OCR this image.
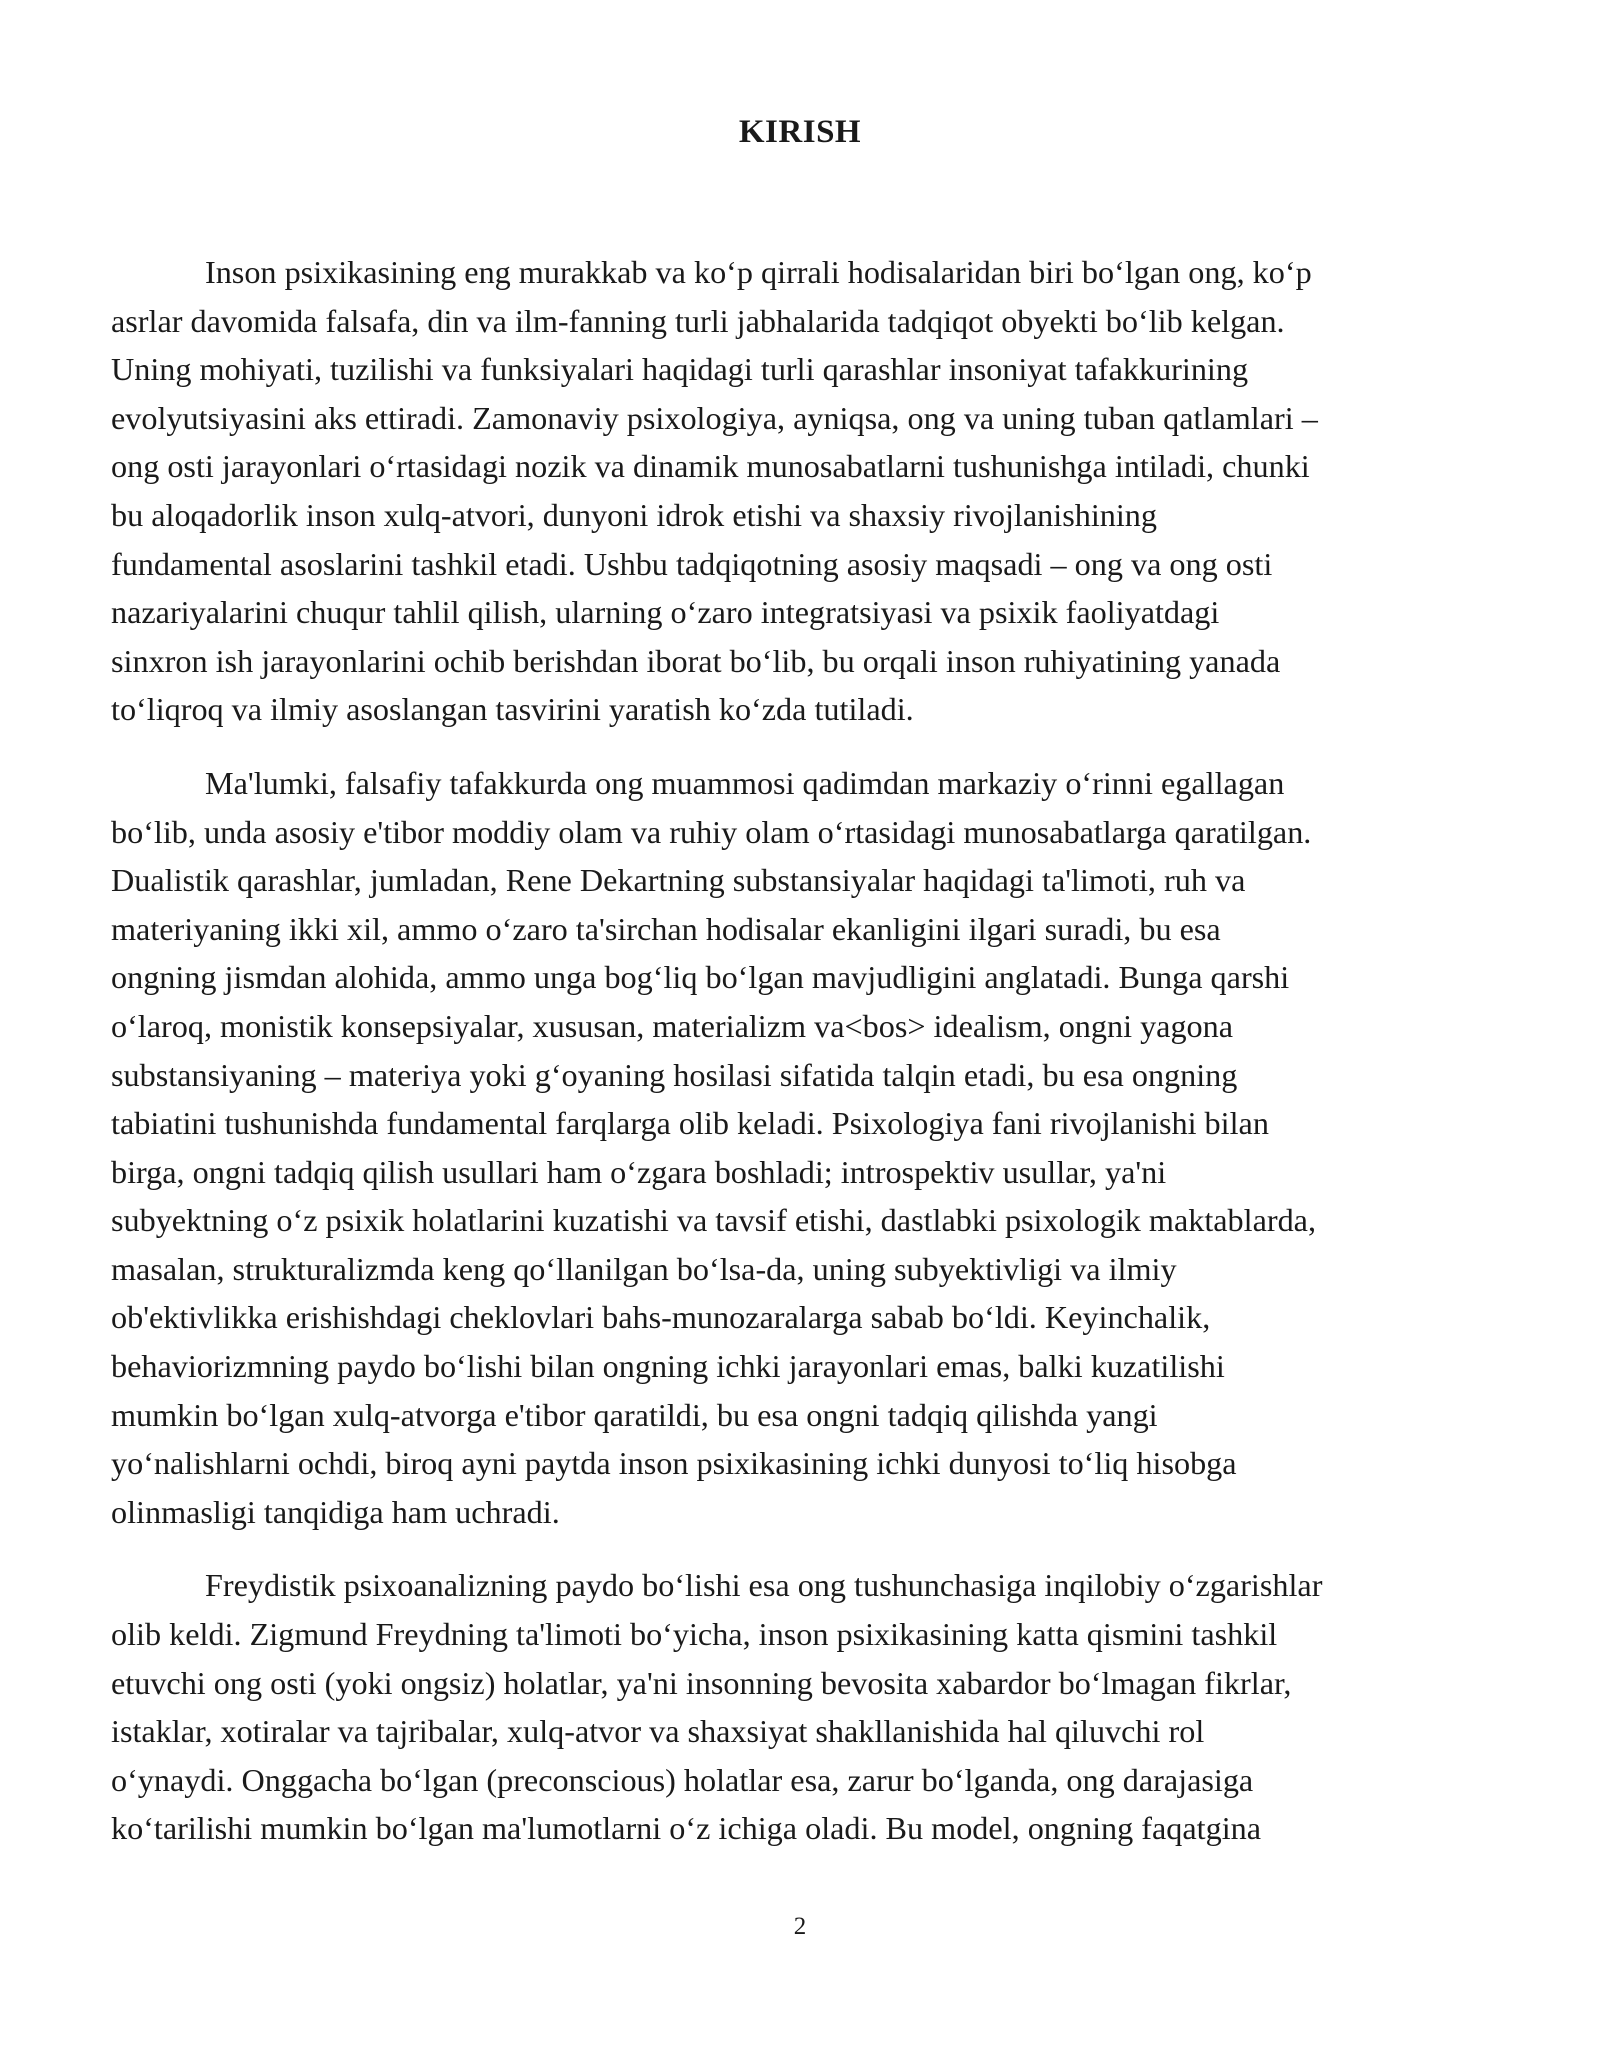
KIRISH
Inson psixikasining eng murakkab va ko‘p qirrali hodisalaridan biri bo‘lgan ong, ko‘p
asrlar davomida falsafa, din va ilm-fanning turli jabhalarida tadqiqot obyekti bo‘lib kelgan.
Uning mohiyati, tuzilishi va funksiyalari haqidagi turli qarashlar insoniyat tafakkurining
evolyutsiyasini aks ettiradi. Zamonaviy psixologiya, ayniqsa, ong va uning tuban qatlamlari –
ong osti jarayonlari o‘rtasidagi nozik va dinamik munosabatlarni tushunishga intiladi, chunki
bu aloqadorlik inson xulq-atvori, dunyoni idrok etishi va shaxsiy rivojlanishining
fundamental asoslarini tashkil etadi. Ushbu tadqiqotning asosiy maqsadi – ong va ong osti
nazariyalarini chuqur tahlil qilish, ularning o‘zaro integratsiyasi va psixik faoliyatdagi
sinxron ish jarayonlarini ochib berishdan iborat bo‘lib, bu orqali inson ruhiyatining yanada
to‘liqroq va ilmiy asoslangan tasvirini yaratish ko‘zda tutiladi.
Ma'lumki, falsafiy tafakkurda ong muammosi qadimdan markaziy o‘rinni egallagan
bo‘lib, unda asosiy e'tibor moddiy olam va ruhiy olam o‘rtasidagi munosabatlarga qaratilgan.
Dualistik qarashlar, jumladan, Rene Dekartning substansiyalar haqidagi ta'limoti, ruh va
materiyaning ikki xil, ammo o‘zaro ta'sirchan hodisalar ekanligini ilgari suradi, bu esa
ongning jismdan alohida, ammo unga bog‘liq bo‘lgan mavjudligini anglatadi. Bunga qarshi
o‘laroq, monistik konsepsiyalar, xususan, materializm va<bos> idealism, ongni yagona
substansiyaning – materiya yoki g‘oyaning hosilasi sifatida talqin etadi, bu esa ongning
tabiatini tushunishda fundamental farqlarga olib keladi. Psixologiya fani rivojlanishi bilan
birga, ongni tadqiq qilish usullari ham o‘zgara boshladi; introspektiv usullar, ya'ni
subyektning o‘z psixik holatlarini kuzatishi va tavsif etishi, dastlabki psixologik maktablarda,
masalan, strukturalizmda keng qo‘llanilgan bo‘lsa-da, uning subyektivligi va ilmiy
ob'ektivlikka erishishdagi cheklovlari bahs-munozaralarga sabab bo‘ldi. Keyinchalik,
behaviorizmning paydo bo‘lishi bilan ongning ichki jarayonlari emas, balki kuzatilishi
mumkin bo‘lgan xulq-atvorga e'tibor qaratildi, bu esa ongni tadqiq qilishda yangi
yo‘nalishlarni ochdi, biroq ayni paytda inson psixikasining ichki dunyosi to‘liq hisobga
olinmasligi tanqidiga ham uchradi.
Freydistik psixoanalizning paydo bo‘lishi esa ong tushunchasiga inqilobiy o‘zgarishlar
olib keldi. Zigmund Freydning ta'limoti bo‘yicha, inson psixikasining katta qismini tashkil
etuvchi ong osti (yoki ongsiz) holatlar, ya'ni insonning bevosita xabardor bo‘lmagan fikrlar,
istaklar, xotiralar va tajribalar, xulq-atvor va shaxsiyat shakllanishida hal qiluvchi rol
o‘ynaydi. Onggacha bo‘lgan (preconscious) holatlar esa, zarur bo‘lganda, ong darajasiga
ko‘tarilishi mumkin bo‘lgan ma'lumotlarni o‘z ichiga oladi. Bu model, ongning faqatgina
2
